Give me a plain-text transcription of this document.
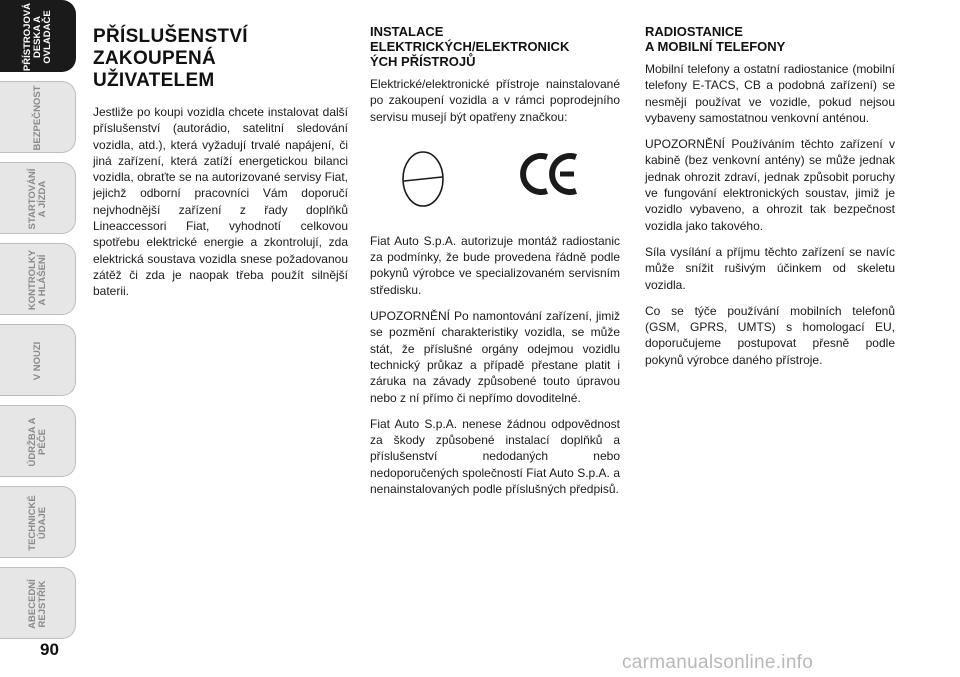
PŘÍSTROJOVÁ
DESKA A
OVLADAČE
BEZPEČNOST
STARTOVÁNÍ
A JÍZDA
KONTROLKY
A HLÁŠENÍ
V NOUZI
ÚDRŽBA A
PÉČE
TECHNICKÉ
ÚDAJE
ABECEDNÍ
REJSTŘÍK
90
PŘÍSLUŠENSTVÍ
ZAKOUPENÁ
UŽIVATELEM

Jestliže po koupi vozidla chcete instalovat další příslušenství (autorádio, satelitní sledování vozidla, atd.), která vyžadují trvalé napájení, či jiná zařízení, která zatíží energetickou bilanci vozidla, obraťte se na autorizované servisy Fiat, jejichž odborní pracovníci Vám doporučí nejvhodnější zařízení z řady doplňků Lineaccessori Fiat, vyhodnotí celkovou spotřebu elektrické energie a zkontrolují, zda elektrická soustava vozidla snese požadovanou zátěž či zda je naopak třeba použít silnější baterii.

INSTALACE
ELEKTRICKÝCH/ELEKTRONICK
ÝCH PŘÍSTROJŮ

Elektrické/elektronické přístroje nainstalované po zakoupení vozidla a v rámci poprodejního servisu musejí být opatřeny značkou:

Fiat Auto S.p.A. autorizuje montáž radiostanic za podmínky, že bude provedena řádně podle pokynů výrobce ve specializovaném servisním středisku.

UPOZORNĚNÍ Po namontování zařízení, jimiž se pozmění charakteristiky vozidla, se může stát, že příslušné orgány odejmou vozidlu technický průkaz a případě přestane platit i záruka na závady způsobené touto úpravou nebo z ní přímo či nepřímo dovoditelné.

Fiat Auto S.p.A. nenese žádnou odpovědnost za škody způsobené instalací doplňků a příslušenství nedodaných nebo nedoporučených společností Fiat Auto S.p.A. a nenainstalovaných podle příslušných předpisů.

RADIOSTANICE
A MOBILNÍ TELEFONY

Mobilní telefony a ostatní radiostanice (mobilní telefony E-TACS, CB a podobná zařízení) se nesmějí používat ve vozidle, pokud nejsou vybaveny samostatnou venkovní anténou.

UPOZORNĚNÍ Používáním těchto zařízení v kabině (bez venkovní antény) se může jednak jednak ohrozit zdraví, jednak způsobit poruchy ve fungování elektronických soustav, jimiž je vozidlo vybaveno, a ohrozit tak bezpečnost vozidla jako takového.

Síla vysílání a příjmu těchto zařízení se navíc může snížit rušivým účinkem od skeletu vozidla.

Co se týče používání mobilních telefonů (GSM, GPRS, UMTS) s homologací EU, doporučujeme postupovat přesně podle pokynů výrobce daného přístroje.

carmanualsonline.info
